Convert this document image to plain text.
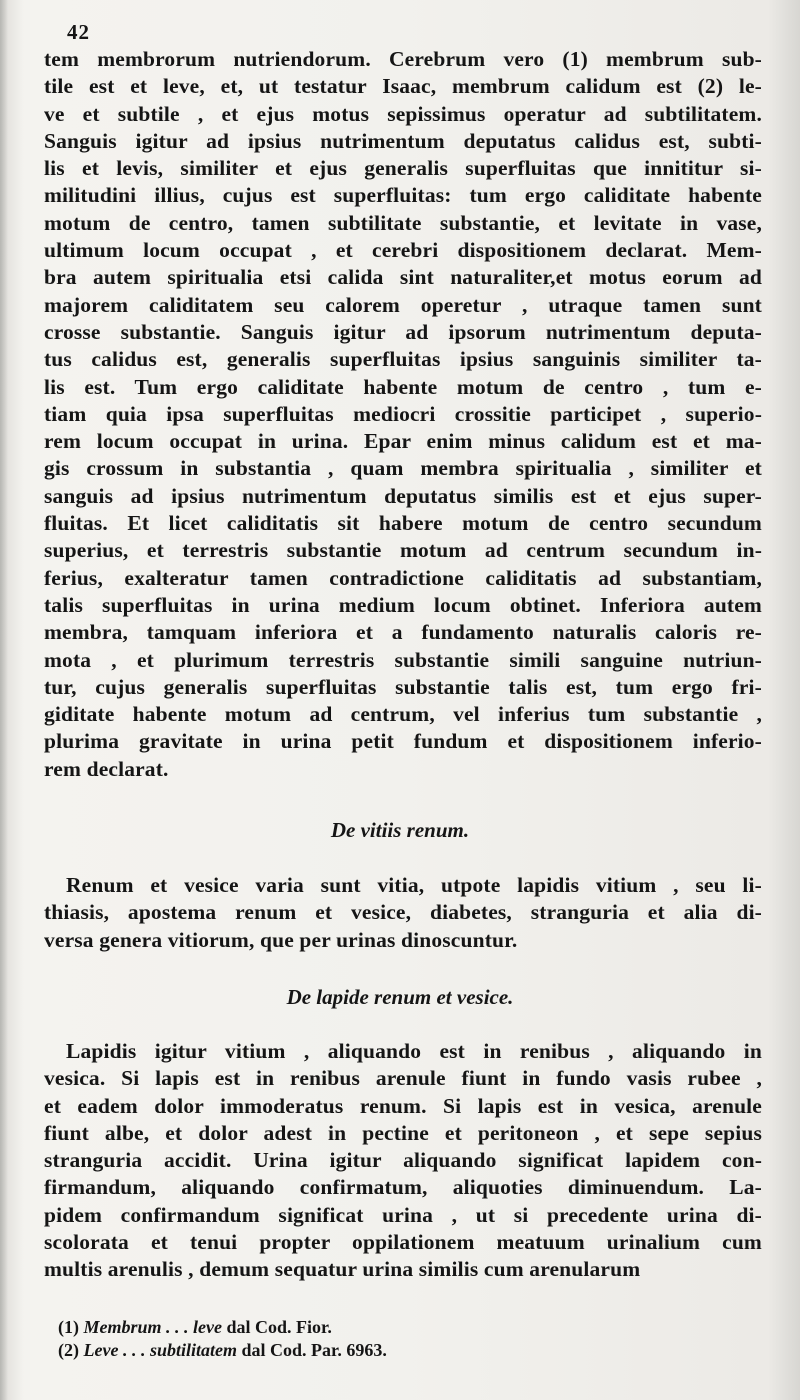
42
tem membrorum nutriendorum. Cerebrum vero (1) membrum sub-
tile est et leve, et, ut testatur Isaac, membrum calidum est (2) le-
ve et subtile , et ejus motus sepissimus operatur ad subtilitatem.
Sanguis igitur ad ipsius nutrimentum deputatus calidus est, subti-
lis et levis, similiter et ejus generalis superfluitas que innititur si-
militudini illius, cujus est superfluitas: tum ergo caliditate habente
motum de centro, tamen subtilitate substantie, et levitate in vase,
ultimum locum occupat , et cerebri dispositionem declarat. Mem-
bra autem spiritualia etsi calida sint naturaliter,et motus eorum ad
majorem caliditatem seu calorem operetur , utraque tamen sunt
crosse substantie. Sanguis igitur ad ipsorum nutrimentum deputa-
tus calidus est, generalis superfluitas ipsius sanguinis similiter ta-
lis est. Tum ergo caliditate habente motum de centro , tum e-
tiam quia ipsa superfluitas mediocri crossitie participet , superio-
rem locum occupat in urina. Epar enim minus calidum est et ma-
gis crossum in substantia , quam membra spiritualia , similiter et
sanguis ad ipsius nutrimentum deputatus similis est et ejus super-
fluitas. Et licet caliditatis sit habere motum de centro secundum
superius, et terrestris substantie motum ad centrum secundum in-
ferius, exalteratur tamen contradictione caliditatis ad substantiam,
talis superfluitas in urina medium locum obtinet. Inferiora autem
membra, tamquam inferiora et a fundamento naturalis caloris re-
mota , et plurimum terrestris substantie simili sanguine nutriun-
tur, cujus generalis superfluitas substantie talis est, tum ergo fri-
giditate habente motum ad centrum, vel inferius tum substantie ,
plurima gravitate in urina petit fundum et dispositionem inferio-
rem declarat.
De vitiis renum.
Renum et vesice varia sunt vitia, utpote lapidis vitium , seu li-
thiasis, apostema renum et vesice, diabetes, stranguria et alia di-
versa genera vitiorum, que per urinas dinoscuntur.
De lapide renum et vesice.
Lapidis igitur vitium , aliquando est in renibus , aliquando in
vesica. Si lapis est in renibus arenule fiunt in fundo vasis rubee ,
et eadem dolor immoderatus renum. Si lapis est in vesica, arenule
fiunt albe, et dolor adest in pectine et peritoneon , et sepe sepius
stranguria accidit. Urina igitur aliquando significat lapidem con-
firmandum, aliquando confirmatum, aliquoties diminuendum. La-
pidem confirmandum significat urina , ut si precedente urina di-
scolorata et tenui propter oppilationem meatuum urinalium cum
multis arenulis , demum sequatur urina similis cum arenularum
(1) Membrum . . . leve dal Cod. Fior.
(2) Leve . . . subtilitatem dal Cod. Par. 6963.
